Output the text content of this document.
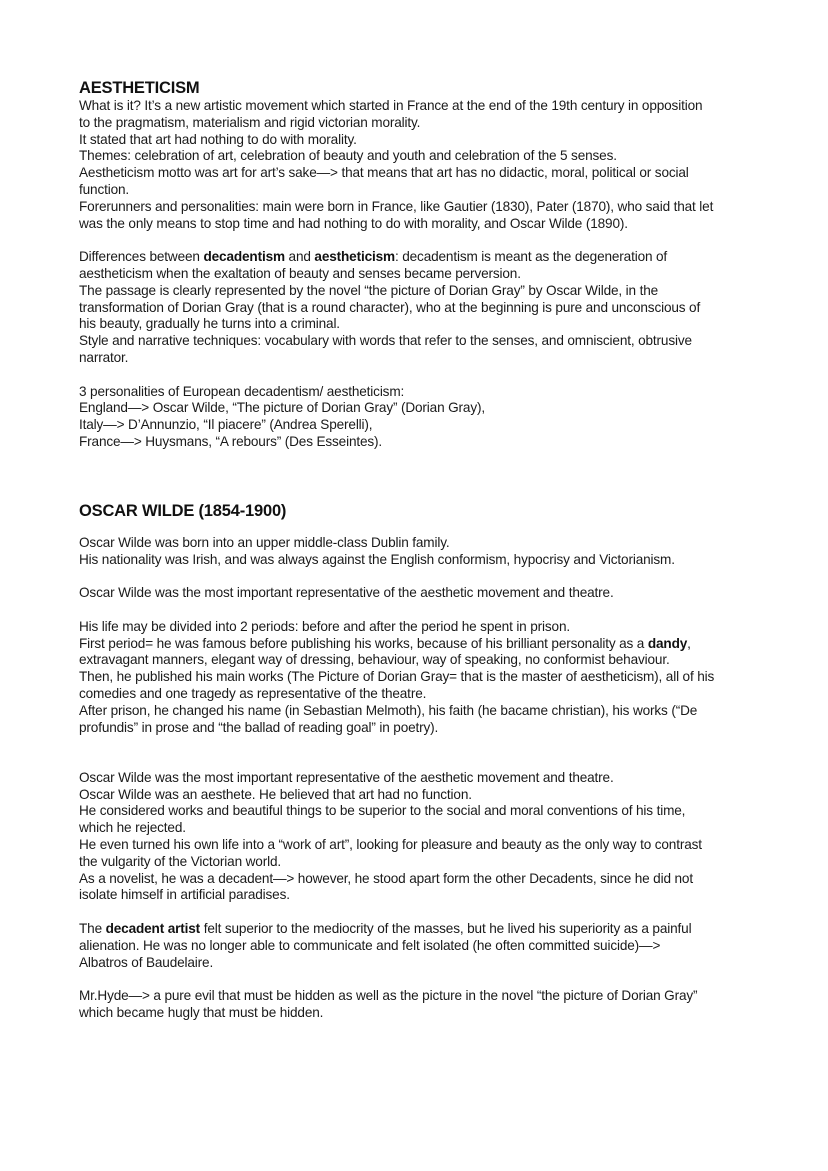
AESTHETICISM
What is it? It’s a new artistic movement which started in France at the end of the 19th century in opposition
to the pragmatism, materialism and rigid victorian morality.
It stated that art had nothing to do with morality.
Themes: celebration of art, celebration of beauty and youth and celebration of the 5 senses.
Aestheticism motto was art for art’s sake—> that means that art has no didactic, moral, political or social
function.
Forerunners and personalities: main were born in France, like Gautier (1830), Pater (1870), who said that let
was the only means to stop time and had nothing to do with morality, and Oscar Wilde (1890).
Differences between decadentism and aestheticism: decadentism is meant as the degeneration of
aestheticism when the exaltation of beauty and senses became perversion.
The passage is clearly represented by the novel “the picture of Dorian Gray” by Oscar Wilde, in the
transformation of Dorian Gray (that is a round character), who at the beginning is pure and unconscious of
his beauty, gradually he turns into a criminal.
Style and narrative techniques: vocabulary with words that refer to the senses, and omniscient, obtrusive
narrator.
3 personalities of European decadentism/ aestheticism:
England—> Oscar Wilde, “The picture of Dorian Gray” (Dorian Gray),
Italy—> D’Annunzio, “Il piacere” (Andrea Sperelli),
France—> Huysmans, “A rebours” (Des Esseintes).
OSCAR WILDE (1854-1900)
Oscar Wilde was born into an upper middle-class Dublin family.
His nationality was Irish, and was always against the English conformism, hypocrisy and Victorianism.
Oscar Wilde was the most important representative of the aesthetic movement and theatre.
His life may be divided into 2 periods: before and after the period he spent in prison.
First period= he was famous before publishing his works, because of his brilliant personality as a dandy,
extravagant manners, elegant way of dressing, behaviour, way of speaking, no conformist behaviour.
Then, he published his main works (The Picture of Dorian Gray= that is the master of aestheticism), all of his
comedies and one tragedy as representative of the theatre.
After prison, he changed his name (in Sebastian Melmoth), his faith (he bacame christian), his works (“De
profundis” in prose and “the ballad of reading goal” in poetry).
Oscar Wilde was the most important representative of the aesthetic movement and theatre.
Oscar Wilde was an aesthete. He believed that art had no function.
He considered works and beautiful things to be superior to the social and moral conventions of his time,
which he rejected.
He even turned his own life into a “work of art”, looking for pleasure and beauty as the only way to contrast
the vulgarity of the Victorian world.
As a novelist, he was a decadent—> however, he stood apart form the other Decadents, since he did not
isolate himself in artificial paradises.
The decadent artist felt superior to the mediocrity of the masses, but he lived his superiority as a painful
alienation. He was no longer able to communicate and felt isolated (he often committed suicide)—>
Albatros of Baudelaire.
Mr.Hyde—> a pure evil that must be hidden as well as the picture in the novel “the picture of Dorian Gray”
which became hugly that must be hidden.
